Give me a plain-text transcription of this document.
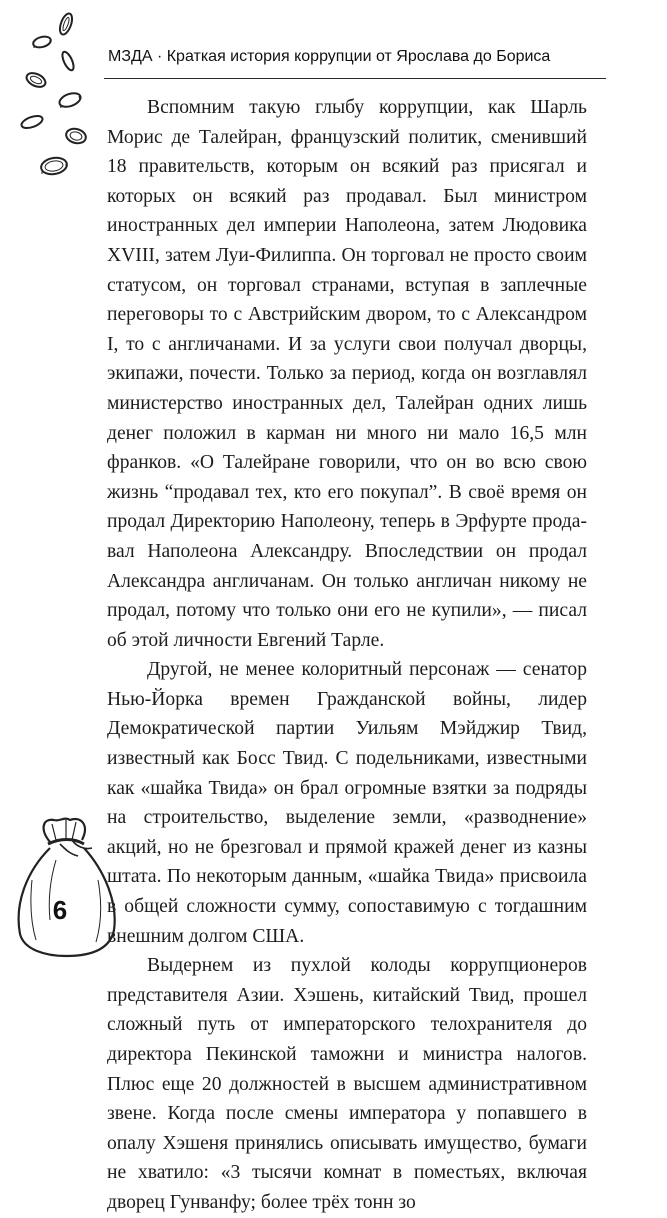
МЗДА · Краткая история коррупции от Ярослава до Бориса

Вспомним такую глыбу коррупции, как Шарль Морис де Талейран, французский политик, сменивший 18 правительств, которым он всякий раз присягал и которых он всякий раз продавал. Был министром иностранных дел империи Наполеона, затем Людовика XVIII, затем Луи-Филиппа. Он торговал не просто своим статусом, он торговал странами, вступая в заплечные переговоры то с Австрийским двором, то с Александром I, то с англичанами. И за услуги свои получал дворцы, экипажи, почести. Только за период, когда он возглавлял министерство иностранных дел, Талейран одних лишь денег положил в карман ни много ни мало 16,5 млн франков. «О Талейране говорили, что он во всю свою жизнь “продавал тех, кто его покупал”. В своё время он продал Директорию Наполеону, теперь в Эрфурте продавал Наполеона Александру. Впоследствии он продал Александра англичанам. Он только англичан никому не продал, потому что только они его не купили», — писал об этой личности Евгений Тарле.

Другой, не менее колоритный персонаж — сенатор Нью-Йорка времен Гражданской войны, лидер Демократической партии Уильям Мэйджир Твид, известный как Босс Твид. С подельниками, известными как «шайка Твида» он брал огромные взятки за подряды на строительство, выделение земли, «разводнение» акций, но не брезговал и прямой кражей денег из казны штата. По некоторым данным, «шайка Твида» присвоила в общей сложности сумму, сопоставимую с тогдашним внешним долгом США.

Выдернем из пухлой колоды коррупционеров представителя Азии. Хэшень, китайский Твид, прошел сложный путь от императорского телохранителя до директора Пекинской таможни и министра налогов. Плюс еще 20 должностей в высшем административном звене. Когда после смены императора у попавшего в опалу Хэшеня принялись описывать имущество, бумаги не хватило: «3 тысячи комнат в поместьях, включая дворец Гунванфу; более трёх тонн зо

6
